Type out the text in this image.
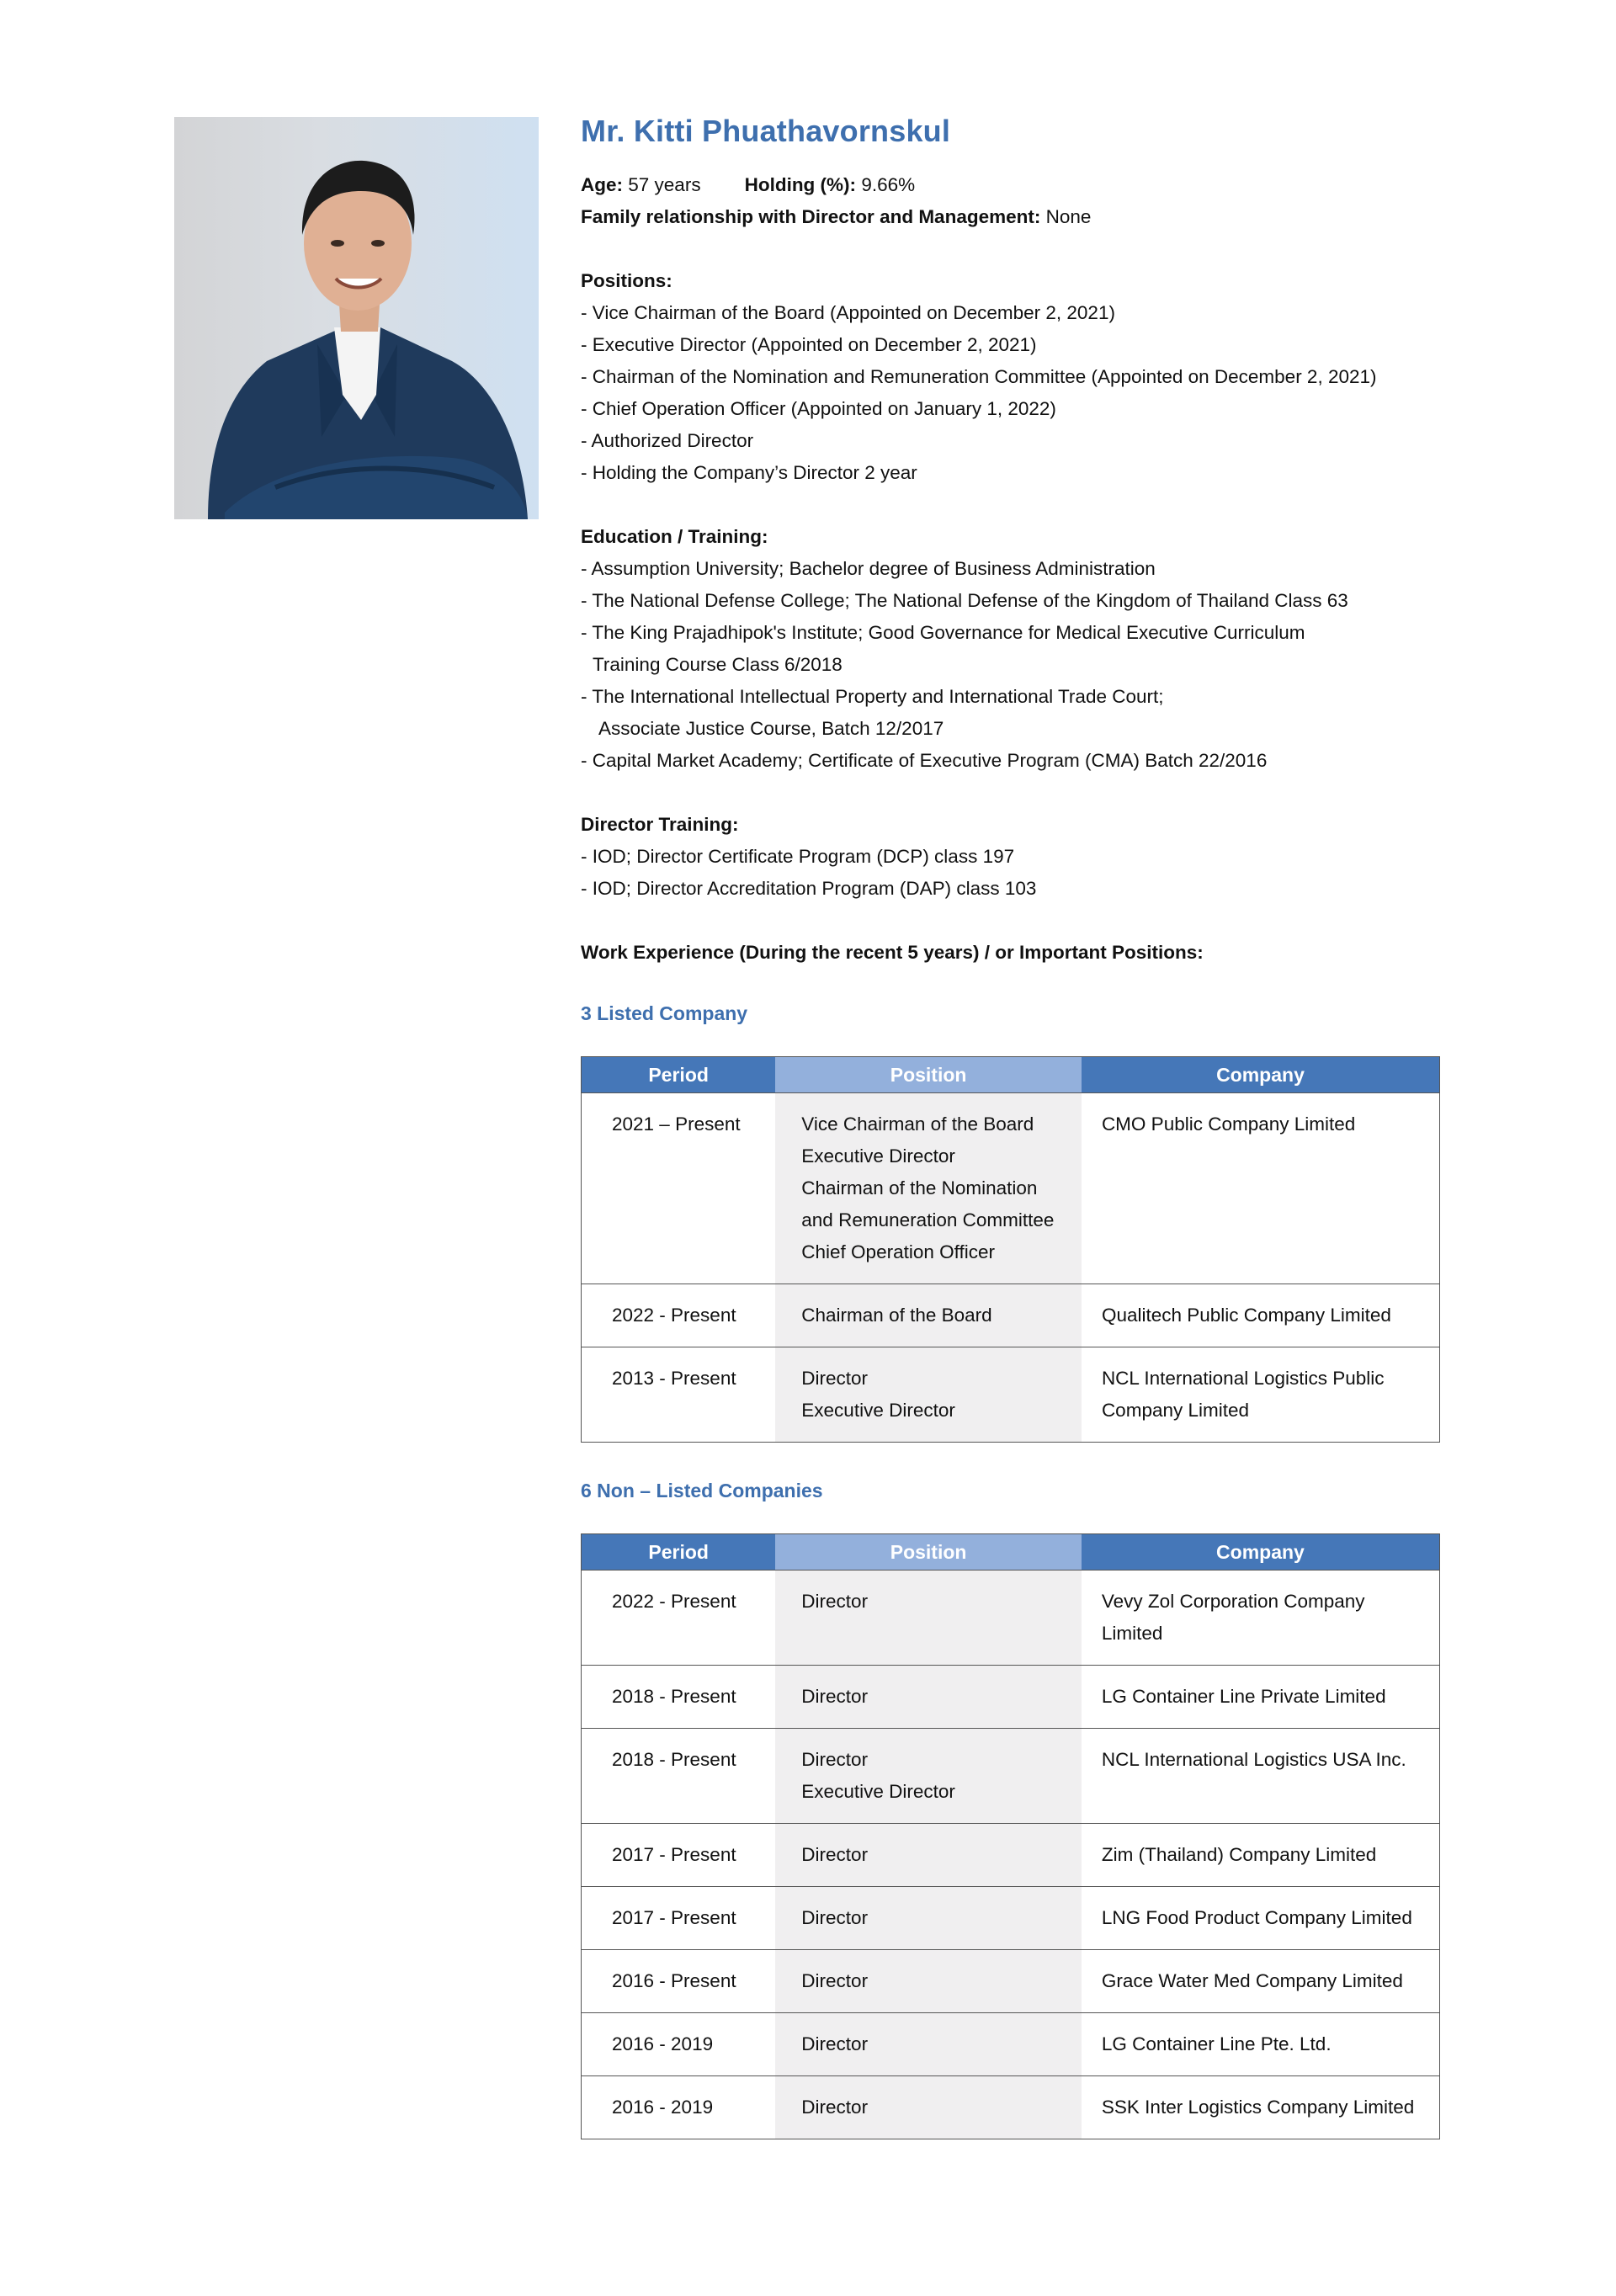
Mr. Kitti Phuathavornskul
Age: 57 years Holding (%): 9.66%
Family relationship with Director and Management: None
Positions:
- Vice Chairman of the Board (Appointed on December 2, 2021)
- Executive Director (Appointed on December 2, 2021)
- Chairman of the Nomination and Remuneration Committee (Appointed on December 2, 2021)
- Chief Operation Officer (Appointed on January 1, 2022)
- Authorized Director
- Holding the Company’s Director 2 year
Education / Training:
- Assumption University; Bachelor degree of Business Administration
- The National Defense College; The National Defense of the Kingdom of Thailand Class 63
- The King Prajadhipok's Institute; Good Governance for Medical Executive Curriculum
Training Course Class 6/2018
- The International Intellectual Property and International Trade Court;
Associate Justice Course, Batch 12/2017
- Capital Market Academy; Certificate of Executive Program (CMA) Batch 22/2016
Director Training:
- IOD; Director Certificate Program (DCP) class 197
- IOD; Director Accreditation Program (DAP) class 103
Work Experience (During the recent 5 years) / or Important Positions:
3 Listed Company
Period	Position	Company
2021 – Present	Vice Chairman of the Board
Executive Director
Chairman of the Nomination
and Remuneration Committee
Chief Operation Officer	CMO Public Company Limited

2022 - Present	Chairman of the Board	Qualitech Public Company Limited

2013 - Present	Director
Executive Director	NCL International Logistics Public
Company Limited
6 Non – Listed Companies
Period	Position	Company
2022 - Present	Director	Vevy Zol Corporation Company
Limited

2018 - Present	Director	LG Container Line Private Limited

2018 - Present	Director
Executive Director	NCL International Logistics USA Inc.

2017 - Present	Director	Zim (Thailand) Company Limited

2017 - Present	Director	LNG Food Product Company Limited

2016 - Present	Director	Grace Water Med Company Limited

2016 - 2019	Director	LG Container Line Pte. Ltd.

2016 - 2019	Director	SSK Inter Logistics Company Limited
